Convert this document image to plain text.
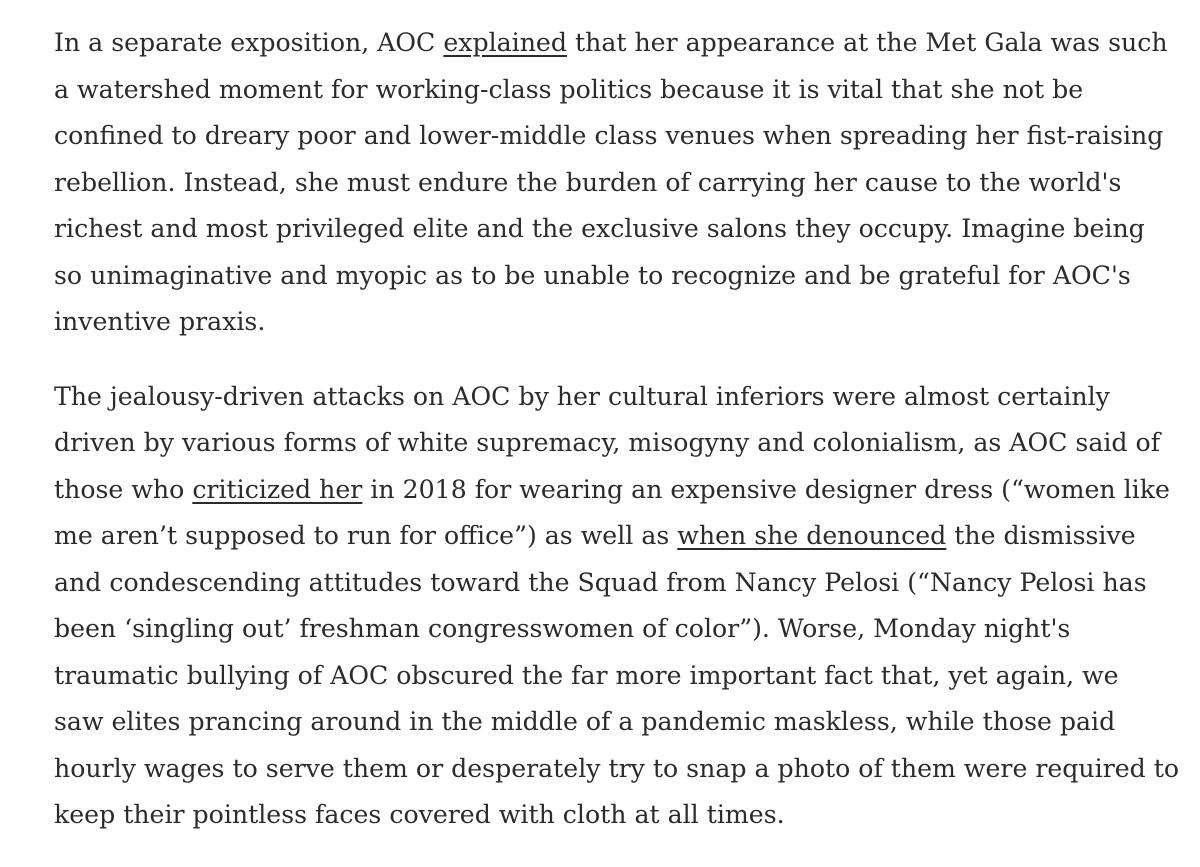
In a separate exposition, AOC explained that her appearance at the Met Gala was such
a watershed moment for working-class politics because it is vital that she not be
confined to dreary poor and lower-middle class venues when spreading her fist-raising
rebellion. Instead, she must endure the burden of carrying her cause to the world's
richest and most privileged elite and the exclusive salons they occupy. Imagine being
so unimaginative and myopic as to be unable to recognize and be grateful for AOC's
inventive praxis.

The jealousy-driven attacks on AOC by her cultural inferiors were almost certainly
driven by various forms of white supremacy, misogyny and colonialism, as AOC said of
those who criticized her in 2018 for wearing an expensive designer dress (“women like
me aren’t supposed to run for office”) as well as when she denounced the dismissive
and condescending attitudes toward the Squad from Nancy Pelosi (“Nancy Pelosi has
been ‘singling out’ freshman congresswomen of color”). Worse, Monday night's
traumatic bullying of AOC obscured the far more important fact that, yet again, we
saw elites prancing around in the middle of a pandemic maskless, while those paid
hourly wages to serve them or desperately try to snap a photo of them were required to
keep their pointless faces covered with cloth at all times.
